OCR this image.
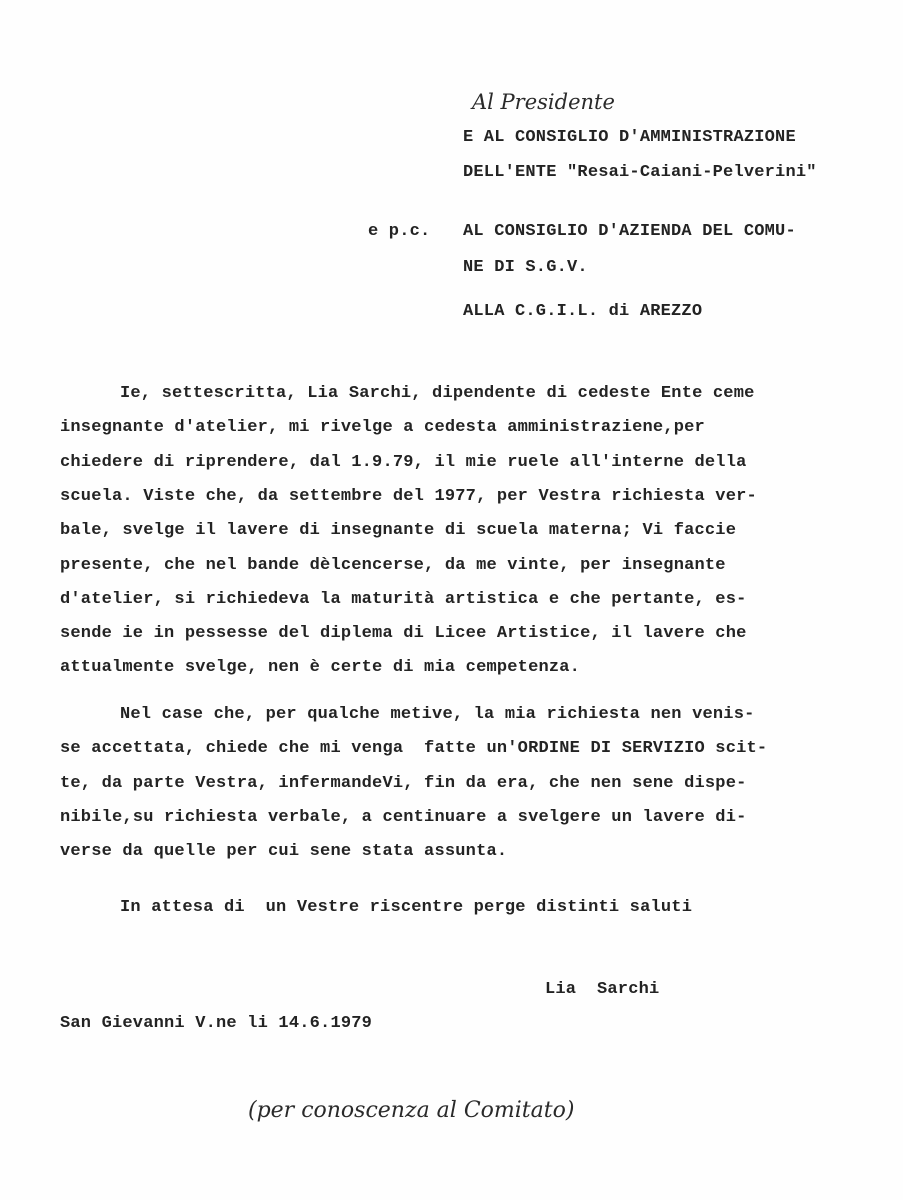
Al Presidente
E AL CONSIGLIO D'AMMINISTRAZIONE
DELL'ENTE "Resai-Caiani-Pelverini"
e p.c. AL CONSIGLIO D'AZIENDA DEL COMU-
NE DI S.G.V.
ALLA C.G.I.L. di AREZZO
Ie, settescritta, Lia Sarchi, dipendente di cedeste Ente ceme
insegnante d'atelier, mi rivelge a cedesta amministraziene,per
chiedere di riprendere, dal 1.9.79, il mie ruele all'interne della
scuela. Viste che, da settembre del 1977, per Vestra richiesta ver-
bale, svelge il lavere di insegnante di scuela materna; Vi faccie
presente, che nel bande dèlcencerse, da me vinte, per insegnante
d'atelier, si richiedeva la maturità artistica e che pertante, es-
sende ie in pessesse del diplema di Licee Artistice, il lavere che
attualmente svelge, nen è certe di mia cempetenza.
Nel case che, per qualche metive, la mia richiesta nen venis-
se accettata, chiede che mi venga  fatte un'ORDINE DI SERVIZIO scit-
te, da parte Vestra, infermandeVi, fin da era, che nen sene dispe-
nibile,su richiesta verbale, a centinuare a svelgere un lavere di-
verse da quelle per cui sene stata assunta.
In attesa di  un Vestre riscentre perge distinti saluti
Lia  Sarchi
San Gievanni V.ne li 14.6.1979
(per conoscenza al Comitato)
